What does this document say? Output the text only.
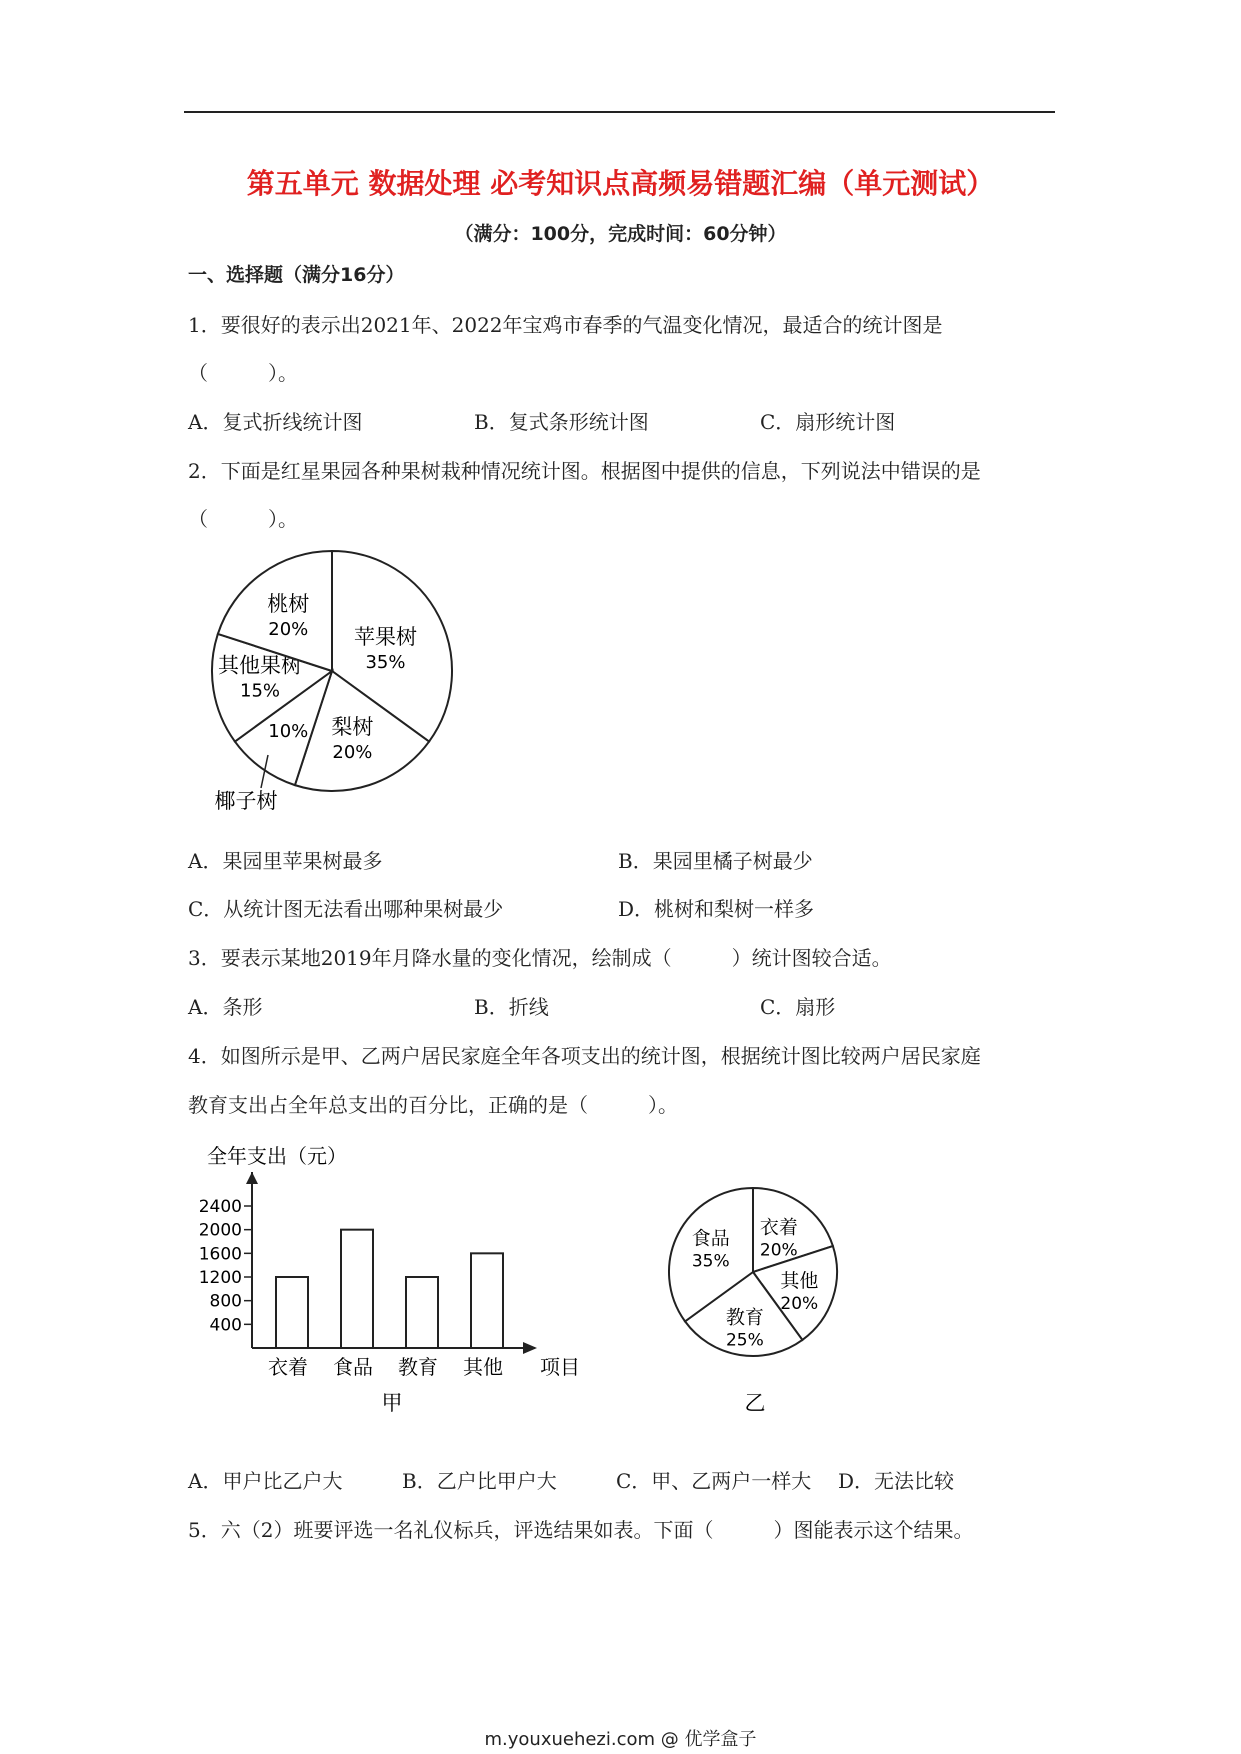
第五单元 数据处理 必考知识点高频易错题汇编（单元测试）
（满分：100分，完成时间：60分钟）
一、选择题（满分16分）
1．要很好的表示出2021年、2022年宝鸡市春季的气温变化情况，最适合的统计图是
（　　　）。
A．复式折线统计图	B．复式条形统计图	C．扇形统计图
2．下面是红星果园各种果树栽种情况统计图。根据图中提供的信息，下列说法中错误的是
（　　　）。
苹果树
35%
梨树
20%
10%
椰子树
其他果树
15%
桃树
20%
A．果园里苹果树最多	B．果园里橘子树最少
C．从统计图无法看出哪种果树最少	D．桃树和梨树一样多
3．要表示某地2019年月降水量的变化情况，绘制成（　　　）统计图较合适。
A．条形	B．折线	C．扇形
4．如图所示是甲、乙两户居民家庭全年各项支出的统计图，根据统计图比较两户居民家庭
教育支出占全年总支出的百分比，正确的是（　　　）。
全年支出（元）
项目
400
800
1200
1600
2000
2400
衣着 食品 教育 其他
甲
衣着
20%
其他
20%
教育
25%
食品
35%
乙
A．甲户比乙户大	B．乙户比甲户大	C．甲、乙两户一样大 D．无法比较
5．六（2）班要评选一名礼仪标兵，评选结果如表。下面（　　　）图能表示这个结果。
m.youxuehezi.com @ 优学盒子
